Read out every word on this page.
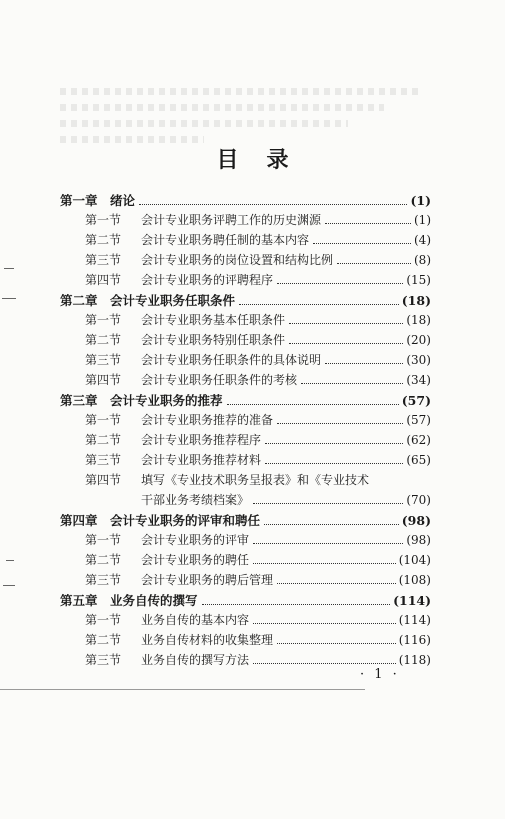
目录
第一章 绪论	(1)
第一节	会计专业职务评聘工作的历史渊源	(1)
第二节	会计专业职务聘任制的基本内容	(4)
第三节	会计专业职务的岗位设置和结构比例	(8)
第四节	会计专业职务的评聘程序	(15)
第二章 会计专业职务任职条件	(18)
第一节	会计专业职务基本任职条件	(18)
第二节	会计专业职务特别任职条件	(20)
第三节	会计专业职务任职条件的具体说明	(30)
第四节	会计专业职务任职条件的考核	(34)
第三章 会计专业职务的推荐	(57)
第一节	会计专业职务推荐的准备	(57)
第二节	会计专业职务推荐程序	(62)
第三节	会计专业职务推荐材料	(65)
第四节	填写《专业技术职务呈报表》和《专业技术
干部业务考绩档案》	(70)
第四章 会计专业职务的评审和聘任	(98)
第一节	会计专业职务的评审	(98)
第二节	会计专业职务的聘任	(104)
第三节	会计专业职务的聘后管理	(108)
第五章 业务自传的撰写	(114)
第一节	业务自传的基本内容	(114)
第二节	业务自传材料的收集整理	(116)
第三节	业务自传的撰写方法	(118)
· 1 ·
